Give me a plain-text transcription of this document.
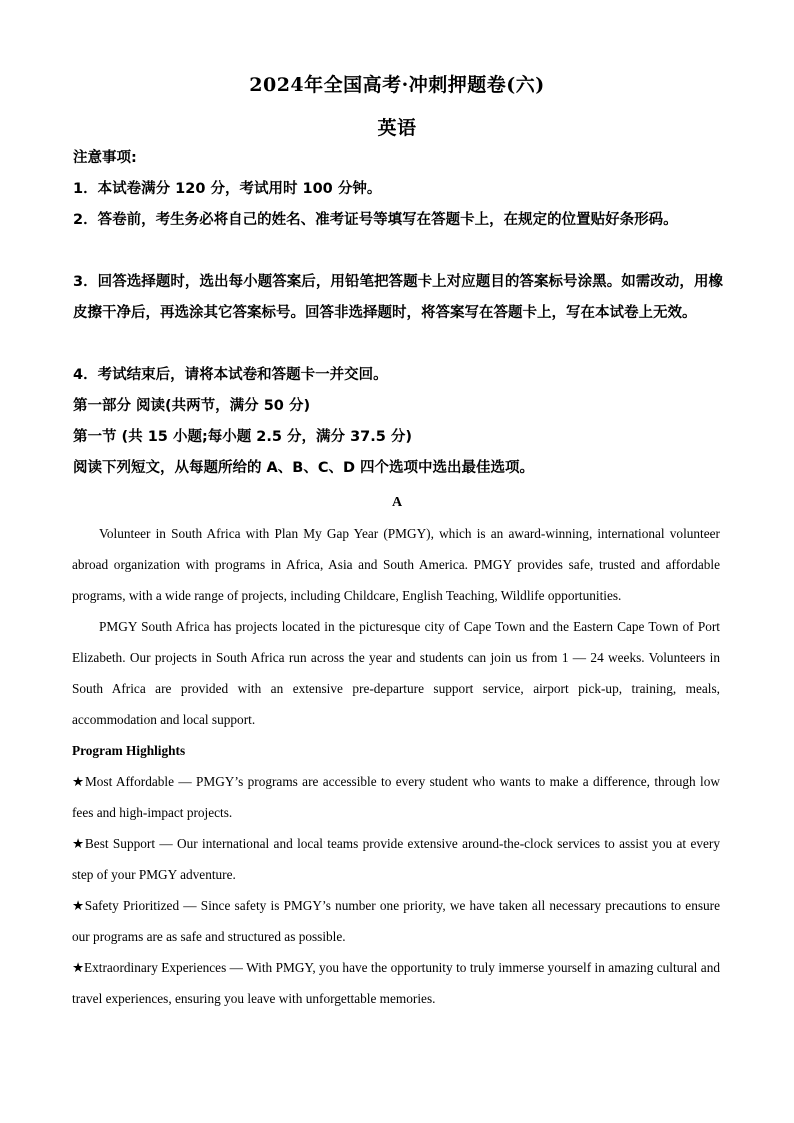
2024年全国高考·冲刺押题卷(六)
英语

注意事项:

1．本试卷满分 120 分，考试用时 100 分钟。

2．答卷前，考生务必将自己的姓名、准考证号等填写在答题卡上，在规定的位置贴好条形码。

3．回答选择题时，选出每小题答案后，用铅笔把答题卡上对应题目的答案标号涂黑。如需改动，用橡皮擦干净后，再选涂其它答案标号。回答非选择题时，将答案写在答题卡上，写在本试卷上无效。

4．考试结束后，请将本试卷和答题卡一并交回。

第一部分 阅读(共两节，满分 50 分)

第一节 (共 15 小题;每小题 2.5 分，满分 37.5 分)

阅读下列短文，从每题所给的 A、B、C、D 四个选项中选出最佳选项。

A

Volunteer in South Africa with Plan My Gap Year (PMGY), which is an award-winning, international volunteer abroad organization with programs in Africa, Asia and South America. PMGY provides safe, trusted and affordable programs, with a wide range of projects, including Childcare, English Teaching, Wildlife opportunities.

PMGY South Africa has projects located in the picturesque city of Cape Town and the Eastern Cape Town of Port Elizabeth. Our projects in South Africa run across the year and students can join us from 1 — 24 weeks. Volunteers in South Africa are provided with an extensive pre-departure support service, airport pick-up, training, meals, accommodation and local support.

Program Highlights

★Most Affordable — PMGY’s programs are accessible to every student who wants to make a difference, through low fees and high-impact projects.

★Best Support — Our international and local teams provide extensive around-the-clock services to assist you at every step of your PMGY adventure.

★Safety Prioritized — Since safety is PMGY’s number one priority, we have taken all necessary precautions to ensure our programs are as safe and structured as possible.

★Extraordinary Experiences — With PMGY, you have the opportunity to truly immerse yourself in amazing cultural and travel experiences, ensuring you leave with unforgettable memories.
